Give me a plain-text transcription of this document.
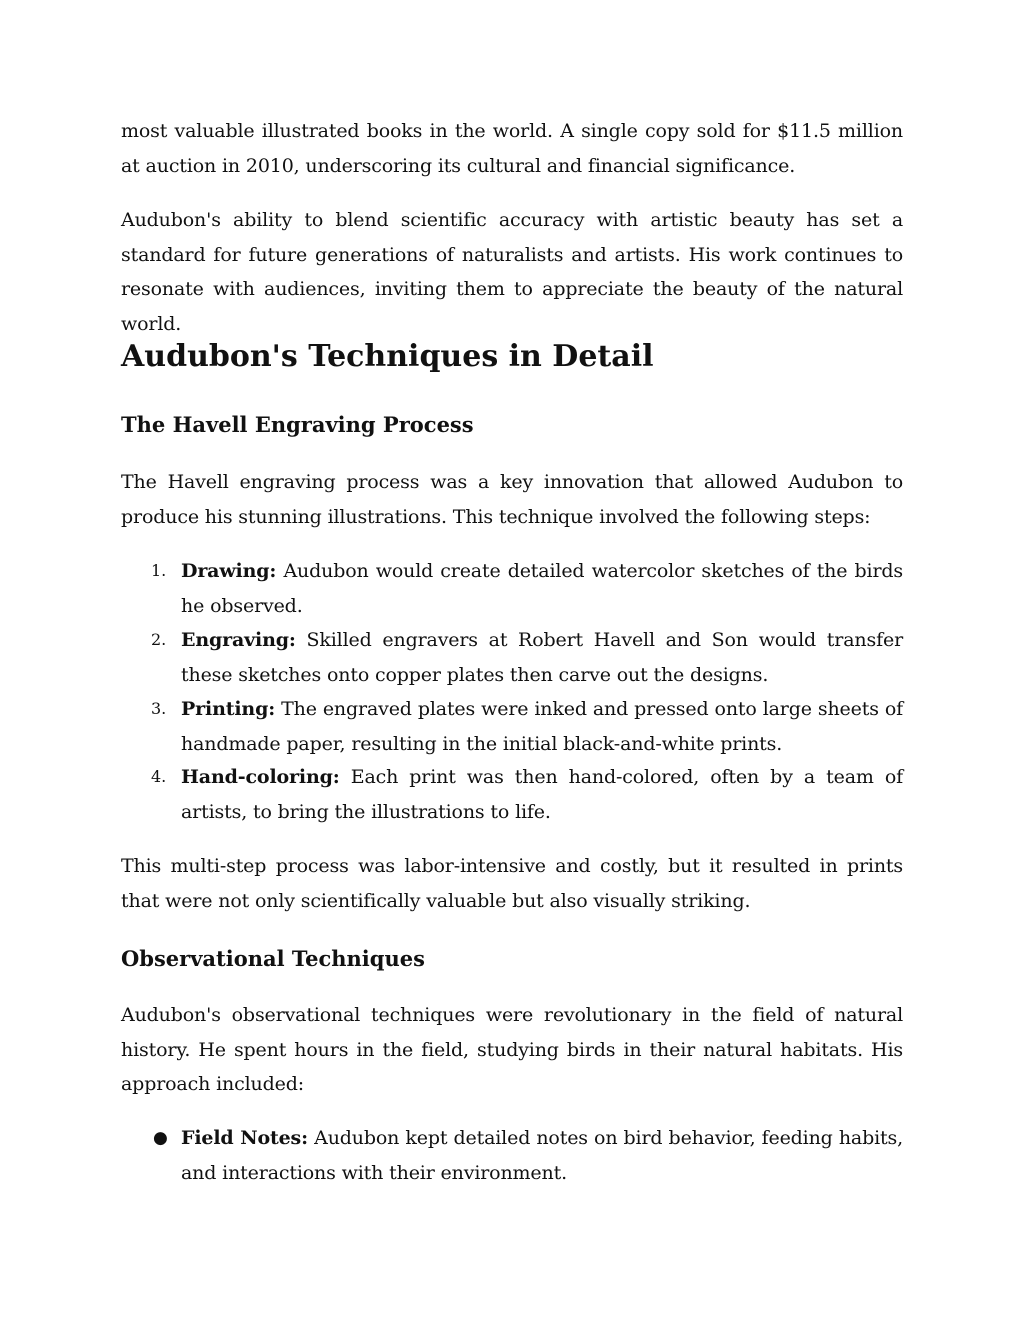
most valuable illustrated books in the world. A single copy sold for $11.5 million at auction in 2010, underscoring its cultural and financial significance.

Audubon's ability to blend scientific accuracy with artistic beauty has set a standard for future generations of naturalists and artists. His work continues to resonate with audiences, inviting them to appreciate the beauty of the natural world.

Audubon's Techniques in Detail
The Havell Engraving Process

The Havell engraving process was a key innovation that allowed Audubon to produce his stunning illustrations. This technique involved the following steps:

1. Drawing: Audubon would create detailed watercolor sketches of the birds he observed.
2. Engraving: Skilled engravers at Robert Havell and Son would transfer these sketches onto copper plates then carve out the designs.
3. Printing: The engraved plates were inked and pressed onto large sheets of handmade paper, resulting in the initial black-and-white prints.
4. Hand-coloring: Each print was then hand-colored, often by a team of artists, to bring the illustrations to life.

This multi-step process was labor-intensive and costly, but it resulted in prints that were not only scientifically valuable but also visually striking.

Observational Techniques

Audubon's observational techniques were revolutionary in the field of natural history. He spent hours in the field, studying birds in their natural habitats. His approach included:

● Field Notes: Audubon kept detailed notes on bird behavior, feeding habits, and interactions with their environment.
